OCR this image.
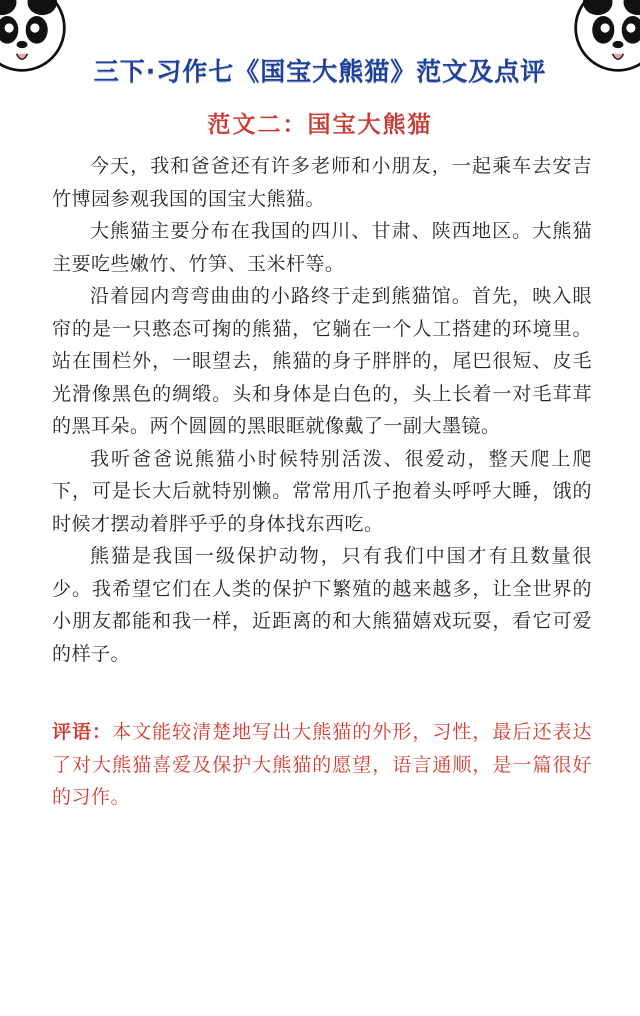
三下·习作七《国宝大熊猫》范文及点评
范文二：国宝大熊猫

今天，我和爸爸还有许多老师和小朋友，一起乘车去安吉竹博园参观我国的国宝大熊猫。

大熊猫主要分布在我国的四川、甘肃、陕西地区。大熊猫主要吃些嫩竹、竹笋、玉米杆等。

沿着园内弯弯曲曲的小路终于走到熊猫馆。首先，映入眼帘的是一只憨态可掬的熊猫，它躺在一个人工搭建的环境里。站在围栏外，一眼望去，熊猫的身子胖胖的，尾巴很短、皮毛光滑像黑色的绸缎。头和身体是白色的，头上长着一对毛茸茸的黑耳朵。两个圆圆的黑眼眶就像戴了一副大墨镜。

我听爸爸说熊猫小时候特别活泼、很爱动，整天爬上爬下，可是长大后就特别懒。常常用爪子抱着头呼呼大睡，饿的时候才摆动着胖乎乎的身体找东西吃。

熊猫是我国一级保护动物，只有我们中国才有且数量很少。我希望它们在人类的保护下繁殖的越来越多，让全世界的小朋友都能和我一样，近距离的和大熊猫嬉戏玩耍，看它可爱的样子。

评语：本文能较清楚地写出大熊猫的外形，习性，最后还表达了对大熊猫喜爱及保护大熊猫的愿望，语言通顺，是一篇很好的习作。
